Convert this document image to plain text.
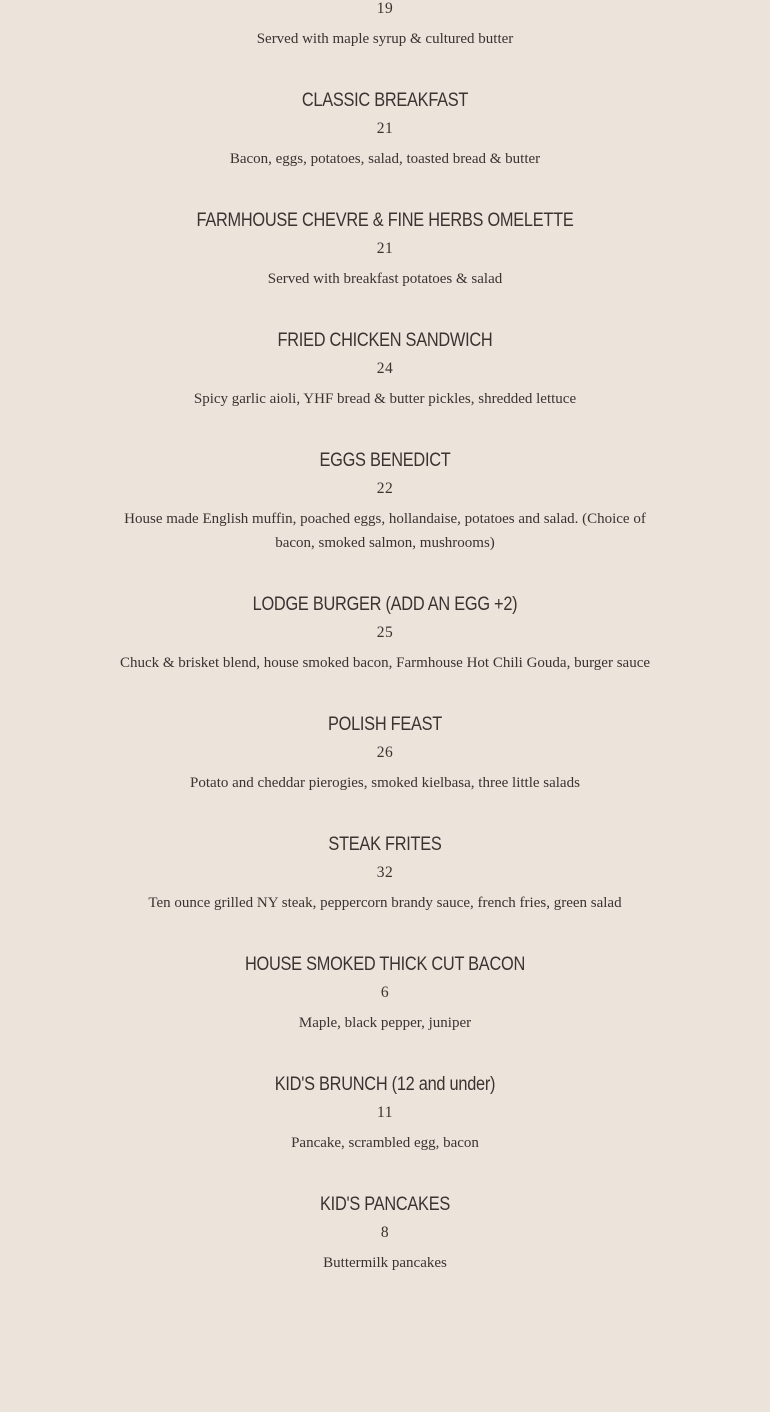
19
Served with maple syrup & cultured butter
CLASSIC BREAKFAST
21
Bacon, eggs, potatoes, salad, toasted bread & butter
FARMHOUSE CHEVRE & FINE HERBS OMELETTE
21
Served with breakfast potatoes & salad
FRIED CHICKEN SANDWICH
24
Spicy garlic aioli, YHF bread & butter pickles, shredded lettuce
EGGS BENEDICT
22
House made English muffin, poached eggs, hollandaise, potatoes and salad. (Choice of bacon, smoked salmon, mushrooms)
LODGE BURGER (ADD AN EGG +2)
25
Chuck & brisket blend, house smoked bacon, Farmhouse Hot Chili Gouda, burger sauce
POLISH FEAST
26
Potato and cheddar pierogies, smoked kielbasa, three little salads
STEAK FRITES
32
Ten ounce grilled NY steak, peppercorn brandy sauce, french fries, green salad
HOUSE SMOKED THICK CUT BACON
6
Maple, black pepper, juniper
KID'S BRUNCH (12 and under)
11
Pancake, scrambled egg, bacon
KID'S PANCAKES
8
Buttermilk pancakes
